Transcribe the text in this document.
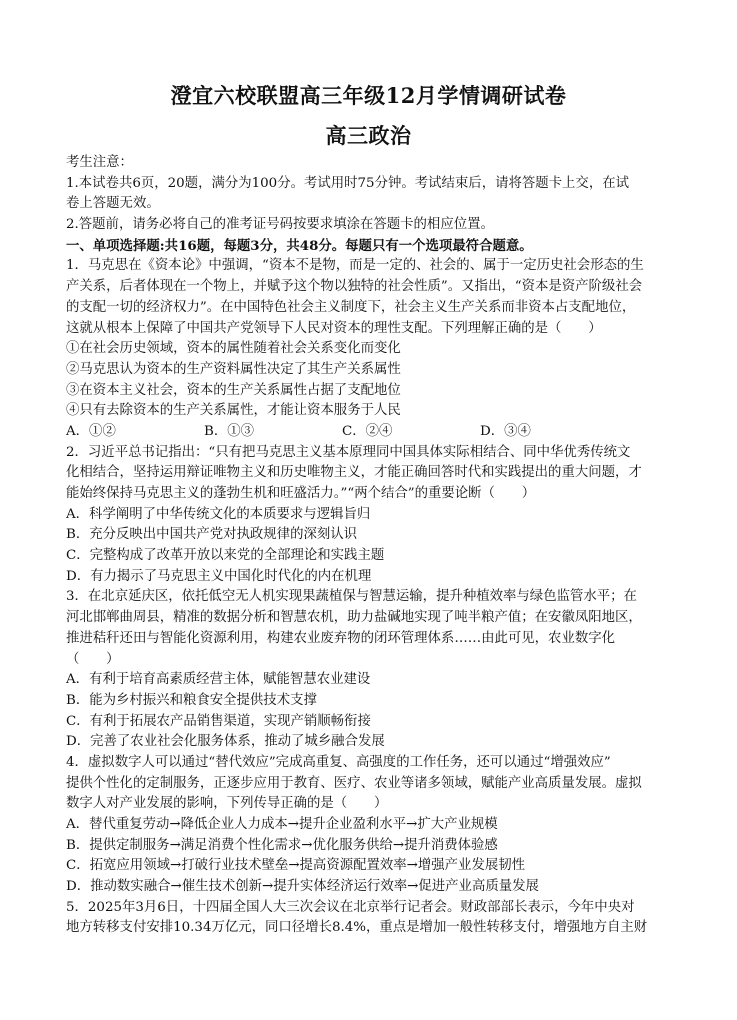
澄宜六校联盟高三年级12月学情调研试卷
高三政治
考生注意：
1.本试卷共6页，20题，满分为100分。考试用时75分钟。考试结束后，请将答题卡上交，在试
卷上答题无效。
2.答题前，请务必将自己的准考证号码按要求填涂在答题卡的相应位置。
一、单项选择题:共16题，每题3分，共48分。每题只有一个选项最符合题意。
1．马克思在《资本论》中强调，“资本不是物，而是一定的、社会的、属于一定历史社会形态的生
产关系，后者体现在一个物上，并赋予这个物以独特的社会性质”。又指出，“资本是资产阶级社会
的支配一切的经济权力”。在中国特色社会主义制度下，社会主义生产关系而非资本占支配地位，
这就从根本上保障了中国共产党领导下人民对资本的理性支配。下列理解正确的是（　　）
①在社会历史领域，资本的属性随着社会关系变化而变化
②马克思认为资本的生产资料属性决定了其生产关系属性
③在资本主义社会，资本的生产关系属性占据了支配地位
④只有去除资本的生产关系属性，才能让资本服务于人民
A．①②	B．①③	C．②④	D．③④
2．习近平总书记指出：“只有把马克思主义基本原理同中国具体实际相结合、同中华优秀传统文
化相结合，坚持运用辩证唯物主义和历史唯物主义，才能正确回答时代和实践提出的重大问题，才
能始终保持马克思主义的蓬勃生机和旺盛活力。”“两个结合”的重要论断（　　）
A．科学阐明了中华传统文化的本质要求与逻辑旨归
B．充分反映出中国共产党对执政规律的深刻认识
C．完整构成了改革开放以来党的全部理论和实践主题
D．有力揭示了马克思主义中国化时代化的内在机理
3．在北京延庆区，依托低空无人机实现果蔬植保与智慧运输，提升种植效率与绿色监管水平；在
河北邯郸曲周县，精准的数据分析和智慧农机，助力盐碱地实现了吨半粮产值；在安徽凤阳地区，
推进秸秆还田与智能化资源利用，构建农业废弃物的闭环管理体系……由此可见，农业数字化
（　　）
A．有利于培育高素质经营主体，赋能智慧农业建设
B．能为乡村振兴和粮食安全提供技术支撑
C．有利于拓展农产品销售渠道，实现产销顺畅衔接
D．完善了农业社会化服务体系，推动了城乡融合发展
4．虚拟数字人可以通过“替代效应”完成高重复、高强度的工作任务，还可以通过“增强效应”
提供个性化的定制服务，正逐步应用于教育、医疗、农业等诸多领域，赋能产业高质量发展。虚拟
数字人对产业发展的影响，下列传导正确的是（　　）
A．替代重复劳动→降低企业人力成本→提升企业盈利水平→扩大产业规模
B．提供定制服务→满足消费个性化需求→优化服务供给→提升消费体验感
C．拓宽应用领域→打破行业技术壁垒→提高资源配置效率→增强产业发展韧性
D．推动数实融合→催生技术创新→提升实体经济运行效率→促进产业高质量发展
5．2025年3月6日，十四届全国人大三次会议在北京举行记者会。财政部部长表示，今年中央对
地方转移支付安排10.34万亿元，同口径增长8.4%，重点是增加一般性转移支付，增强地方自主财
